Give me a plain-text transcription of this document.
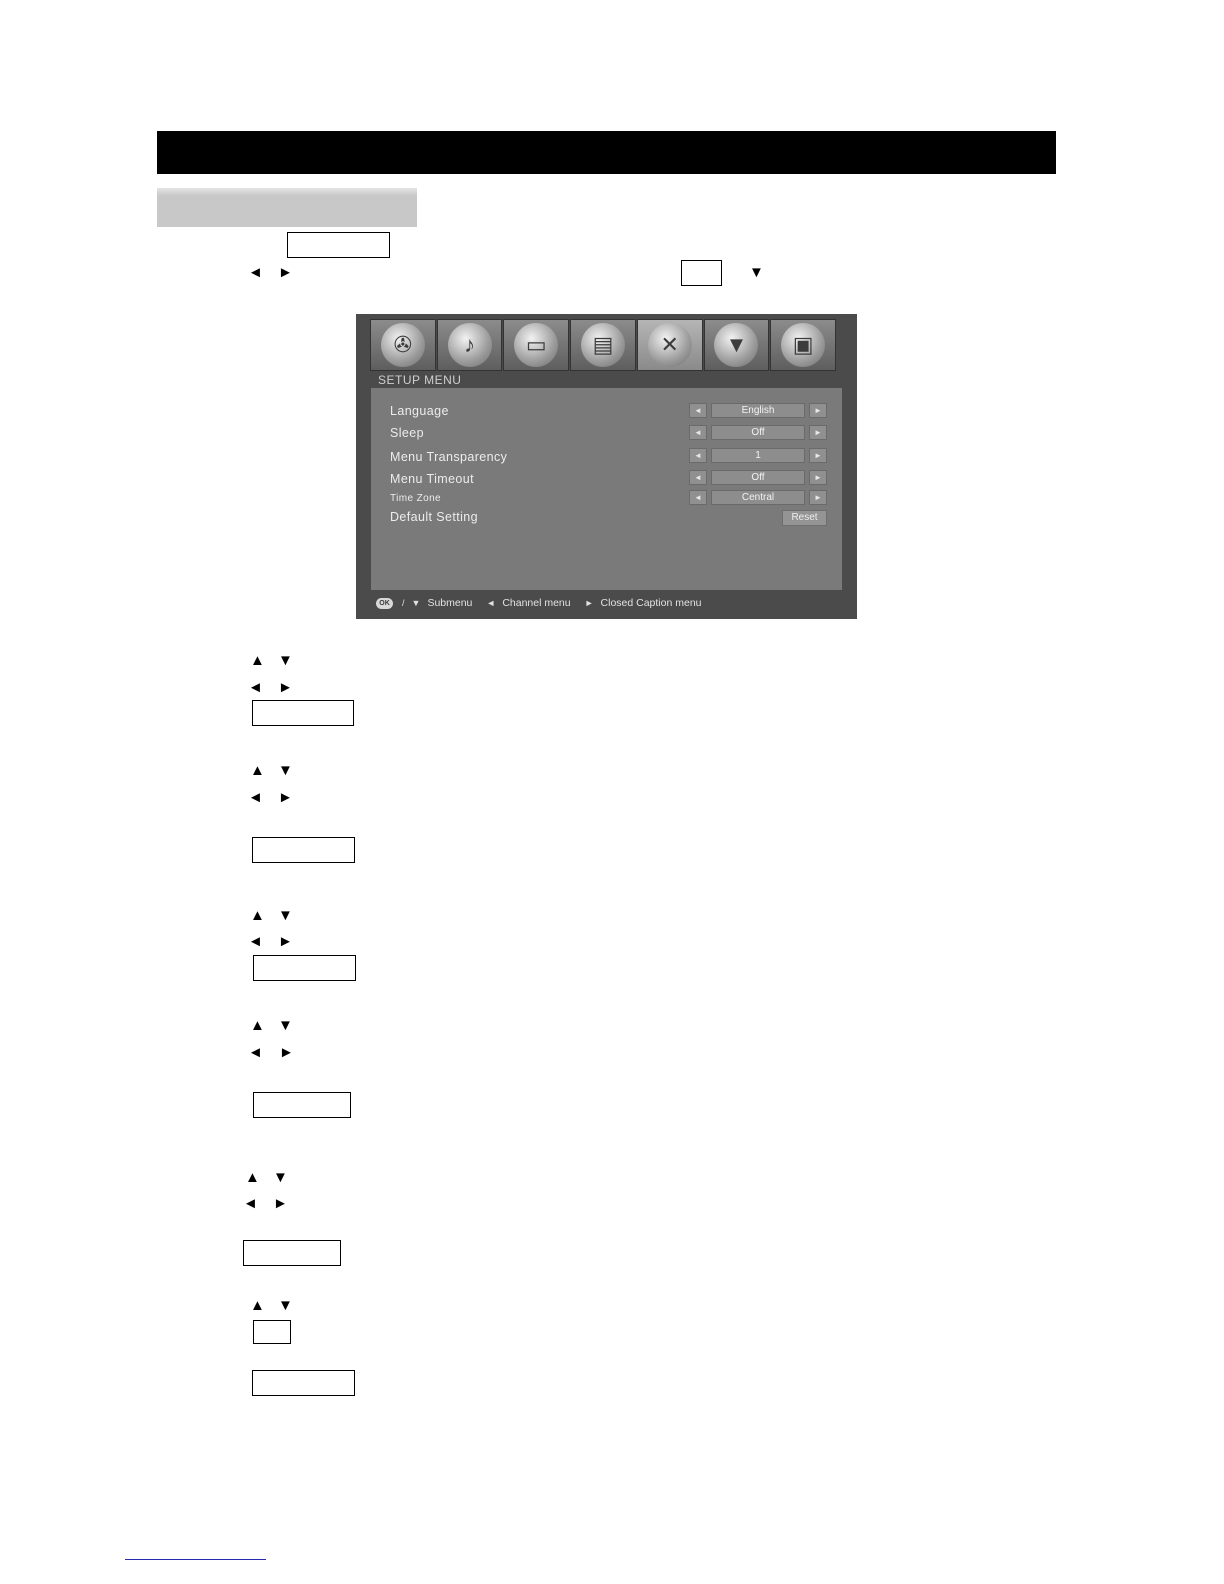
◄ ►	▼
✇	♪	▭	▤	✕	▼	▣
SETUP MENU
Language	◄	English	►
Sleep	◄	Off	►
Menu Transparency	◄	1	►
Menu Timeout	◄	Off	►
Time Zone	◄	Central	►
Default Setting	Reset
OK	/ ▼ Submenu ◄ Channel menu ► Closed Caption menu
▲ ▼
◄ ►
▲ ▼
◄ ►
▲ ▼
◄ ►
▲ ▼
◄ ►
▲ ▼
◄ ►
▲ ▼
